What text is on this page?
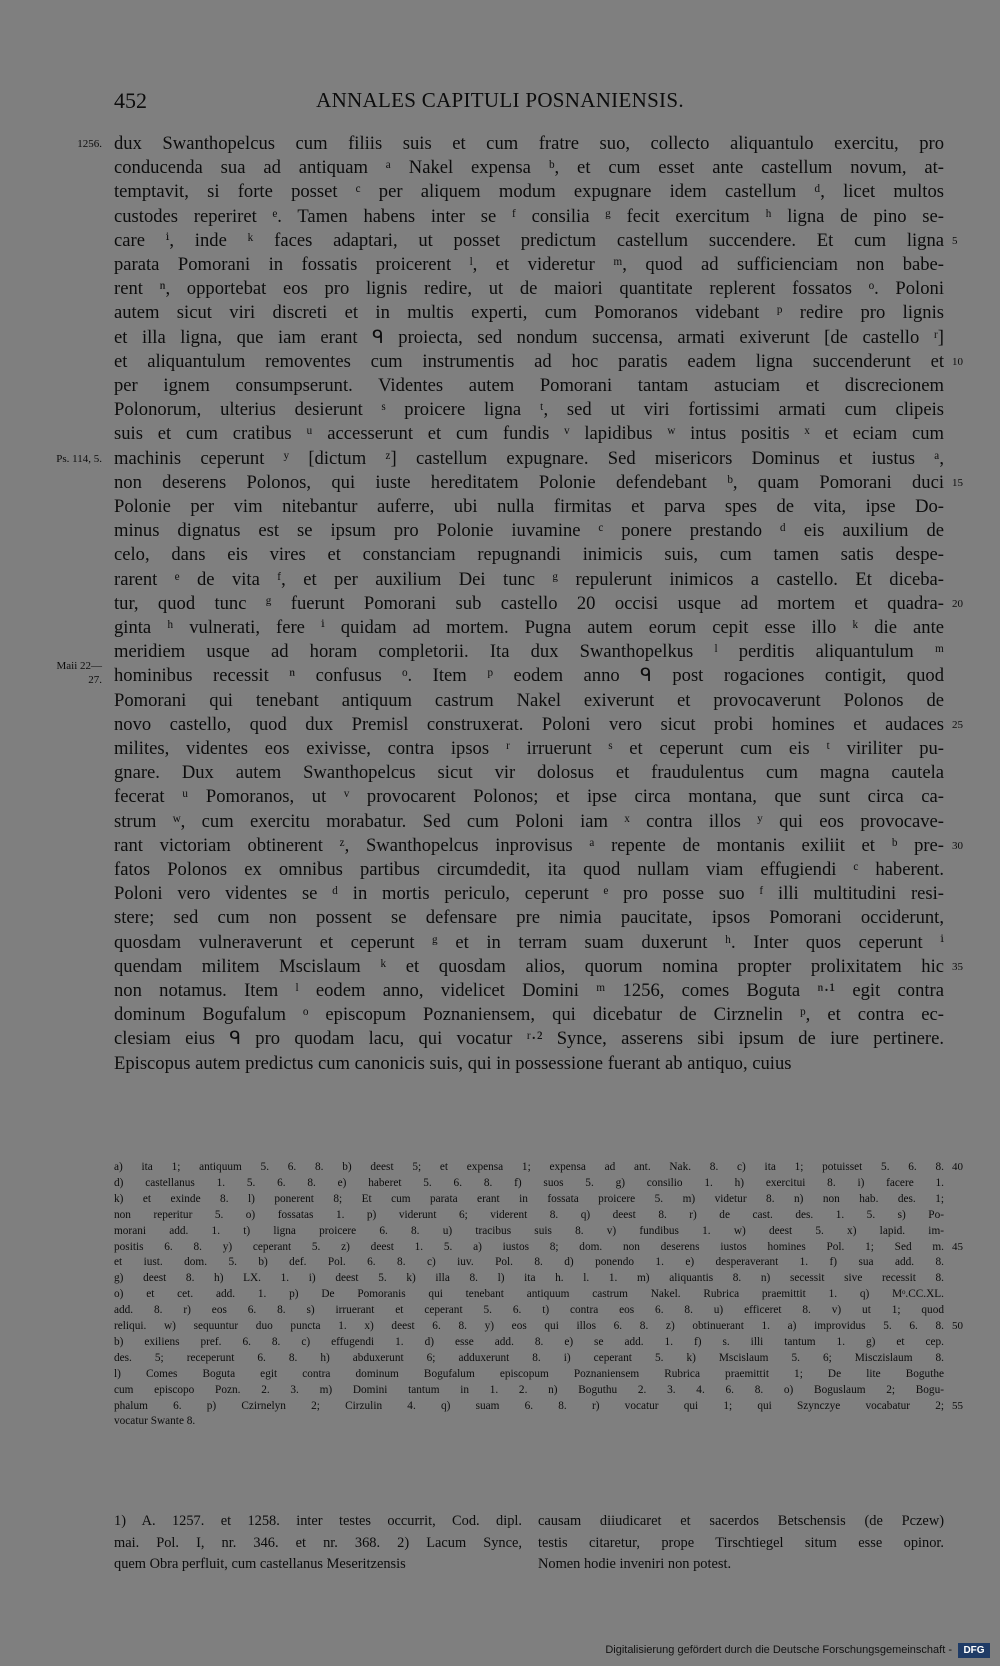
452	ANNALES CAPITULI POSNANIENSIS.
dux Swanthopelcus cum filiis suis et cum fratre suo, collecto aliquantulo exercitu, pro
conducenda sua ad antiquam ᵃ Nakel expensa ᵇ, et cum esset ante castellum novum, at-
temptavit, si forte posset ᶜ per aliquem modum expugnare idem castellum ᵈ, licet multos
custodes reperiret ᵉ. Tamen habens inter se ᶠ consilia ᵍ fecit exercitum ʰ ligna de pino se-
care ⁱ, inde ᵏ faces adaptari, ut posset predictum castellum succendere. Et cum ligna
parata Pomorani in fossatis proicerent ˡ, et videretur ᵐ, quod ad sufficienciam non babe-
rent ⁿ, opportebat eos pro lignis redire, ut de maiori quantitate replerent fossatos ᵒ. Poloni
autem sicut viri discreti et in multis experti, cum Pomoranos videbant ᵖ redire pro lignis
et illa ligna, que iam erant ᑫ proiecta, sed nondum succensa, armati exiverunt [de castello ʳ]
et aliquantulum removentes cum instrumentis ad hoc paratis eadem ligna succenderunt et
per ignem consumpserunt. Videntes autem Pomorani tantam astuciam et discrecionem
Polonorum, ulterius desierunt ˢ proicere ligna ᵗ, sed ut viri fortissimi armati cum clipeis
suis et cum cratibus ᵘ accesserunt et cum fundis ᵛ lapidibus ʷ intus positis ˣ et eciam cum
machinis ceperunt ʸ [dictum ᶻ] castellum expugnare. Sed misericors Dominus et iustus ᵃ,
non deserens Polonos, qui iuste hereditatem Polonie defendebant ᵇ, quam Pomorani duci
Polonie per vim nitebantur auferre, ubi nulla firmitas et parva spes de vita, ipse Do-
minus dignatus est se ipsum pro Polonie iuvamine ᶜ ponere prestando ᵈ eis auxilium de
celo, dans eis vires et constanciam repugnandi inimicis suis, cum tamen satis despe-
rarent ᵉ de vita ᶠ, et per auxilium Dei tunc ᵍ repulerunt inimicos a castello. Et diceba-
tur, quod tunc ᵍ fuerunt Pomorani sub castello 20 occisi usque ad mortem et quadra-
ginta ʰ vulnerati, fere ⁱ quidam ad mortem. Pugna autem eorum cepit esse illo ᵏ die ante
meridiem usque ad horam completorii. Ita dux Swanthopelkus ˡ perditis aliquantulum ᵐ
hominibus recessit ⁿ confusus ᵒ. Item ᵖ eodem anno ᑫ post rogaciones contigit, quod
Pomorani qui tenebant antiquum castrum Nakel exiverunt et provocaverunt Polonos de
novo castello, quod dux Premisl construxerat. Poloni vero sicut probi homines et audaces
milites, videntes eos exivisse, contra ipsos ʳ irruerunt ˢ et ceperunt cum eis ᵗ viriliter pu-
gnare. Dux autem Swanthopelcus sicut vir dolosus et fraudulentus cum magna cautela
fecerat ᵘ Pomoranos, ut ᵛ provocarent Polonos; et ipse circa montana, que sunt circa ca-
strum ʷ, cum exercitu morabatur. Sed cum Poloni iam ˣ contra illos ʸ qui eos provocave-
rant victoriam obtinerent ᶻ, Swanthopelcus inprovisus ᵃ repente de montanis exiliit et ᵇ pre-
fatos Polonos ex omnibus partibus circumdedit, ita quod nullam viam effugiendi ᶜ haberent.
Poloni vero videntes se ᵈ in mortis periculo, ceperunt ᵉ pro posse suo ᶠ illi multitudini resi-
stere; sed cum non possent se defensare pre nimia paucitate, ipsos Pomorani occiderunt,
quosdam vulneraverunt et ceperunt ᵍ et in terram suam duxerunt ʰ. Inter quos ceperunt ⁱ
quendam militem Mscislaum ᵏ et quosdam alios, quorum nomina propter prolixitatem hic
non notamus. Item ˡ eodem anno, videlicet Domini ᵐ 1256, comes Boguta ⁿ·¹ egit contra
dominum Bogufalum ᵒ episcopum Poznaniensem, qui dicebatur de Cirznelin ᵖ, et contra ec-
clesiam eius ᑫ pro quodam lacu, qui vocatur ʳ·² Synce, asserens sibi ipsum de iure pertinere.
Episcopus autem predictus cum canonicis suis, qui in possessione fuerant ab antiquo, cuius
5
10
15
20
25
30
35
1256.
Ps. 114, 5.
Maii 22—
27.
a) ita 1; antiquum 5. 6. 8. b) deest 5; et expensa 1; expensa ad ant. Nak. 8. c) ita 1; potuisset 5. 6. 8.
d) castellanus 1. 5. 6. 8. e) haberet 5. 6. 8. f) suos 5. g) consilio 1. h) exercitui 8. i) facere 1.
k) et exinde 8. l) ponerent 8; Et cum parata erant in fossata proicere 5. m) videtur 8. n) non hab. des. 1;
non reperitur 5. o) fossatas 1. p) viderunt 6; viderent 8. q) deest 8. r) de cast. des. 1. 5. s) Po-
morani add. 1. t) ligna proicere 6. 8. u) tracibus suis 8. v) fundibus 1. w) deest 5. x) lapid. im-
positis 6. 8. y) ceperant 5. z) deest 1. 5. a) iustos 8; dom. non deserens iustos homines Pol. 1; Sed m.
et iust. dom. 5. b) def. Pol. 6. 8. c) iuv. Pol. 8. d) ponendo 1. e) desperaverant 1. f) sua add. 8.
g) deest 8. h) LX. 1. i) deest 5. k) illa 8. l) ita h. l. 1. m) aliquantis 8. n) secessit sive recessit 8.
o) et cet. add. 1. p) De Pomoranis qui tenebant antiquum castrum Nakel. Rubrica praemittit 1. q) Mᵒ.CC.XL.
add. 8. r) eos 6. 8. s) irruerant et ceperant 5. 6. t) contra eos 6. 8. u) efficeret 8. v) ut 1; quod
reliqui. w) sequuntur duo puncta 1. x) deest 6. 8. y) eos qui illos 6. 8. z) obtinuerant 1. a) improvidus 5. 6. 8.
b) exiliens pref. 6. 8. c) effugendi 1. d) esse add. 8. e) se add. 1. f) s. illi tantum 1. g) et cep.
des. 5; receperunt 6. 8. h) abduxerunt 6; adduxerunt 8. i) ceperant 5. k) Mscislaum 5. 6; Misczislaum 8.
l) Comes Boguta egit contra dominum Bogufalum episcopum Poznaniensem Rubrica praemittit 1; De lite Boguthe
cum episcopo Pozn. 2. 3. m) Domini tantum in 1. 2. n) Boguthu 2. 3. 4. 6. 8. o) Boguslaum 2; Bogu-
phalum 6. p) Czirnelyn 2; Cirzulin 4. q) suam 6. 8. r) vocatur qui 1; qui Szynczye vocabatur 2;
vocatur Swante 8.
40
45
50
55
1) A. 1257. et 1258. inter testes occurrit, Cod. dipl.
mai. Pol. I, nr. 346. et nr. 368. 2) Lacum Synce,
quem Obra perfluit, cum castellanus Meseritzensis
causam diiudicaret et sacerdos Betschensis (de Pczew)
testis citaretur, prope Tirschtiegel situm esse opinor.
Nomen hodie inveniri non potest.
Digitalisierung gefördert durch die Deutsche Forschungsgemeinschaft -	DFG
